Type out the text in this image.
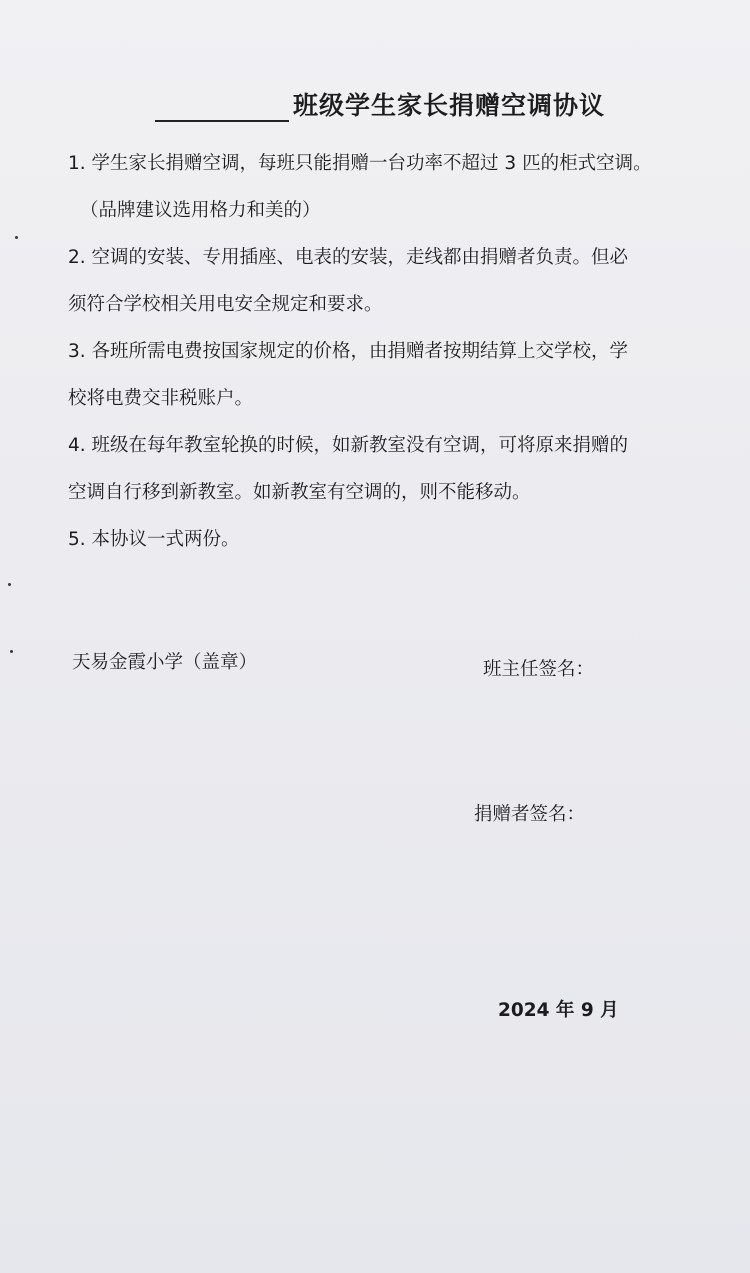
班级学生家长捐赠空调协议

1. 学生家长捐赠空调，每班只能捐赠一台功率不超过 3 匹的柜式空调。

（品牌建议选用格力和美的）

2. 空调的安装、专用插座、电表的安装，走线都由捐赠者负责。但必

须符合学校相关用电安全规定和要求。

3. 各班所需电费按国家规定的价格，由捐赠者按期结算上交学校，学

校将电费交非税账户。

4. 班级在每年教室轮换的时候，如新教室没有空调，可将原来捐赠的

空调自行移到新教室。如新教室有空调的，则不能移动。

5. 本协议一式两份。

天易金霞小学（盖章）	班主任签名：
捐赠者签名：
2024 年 9 月
